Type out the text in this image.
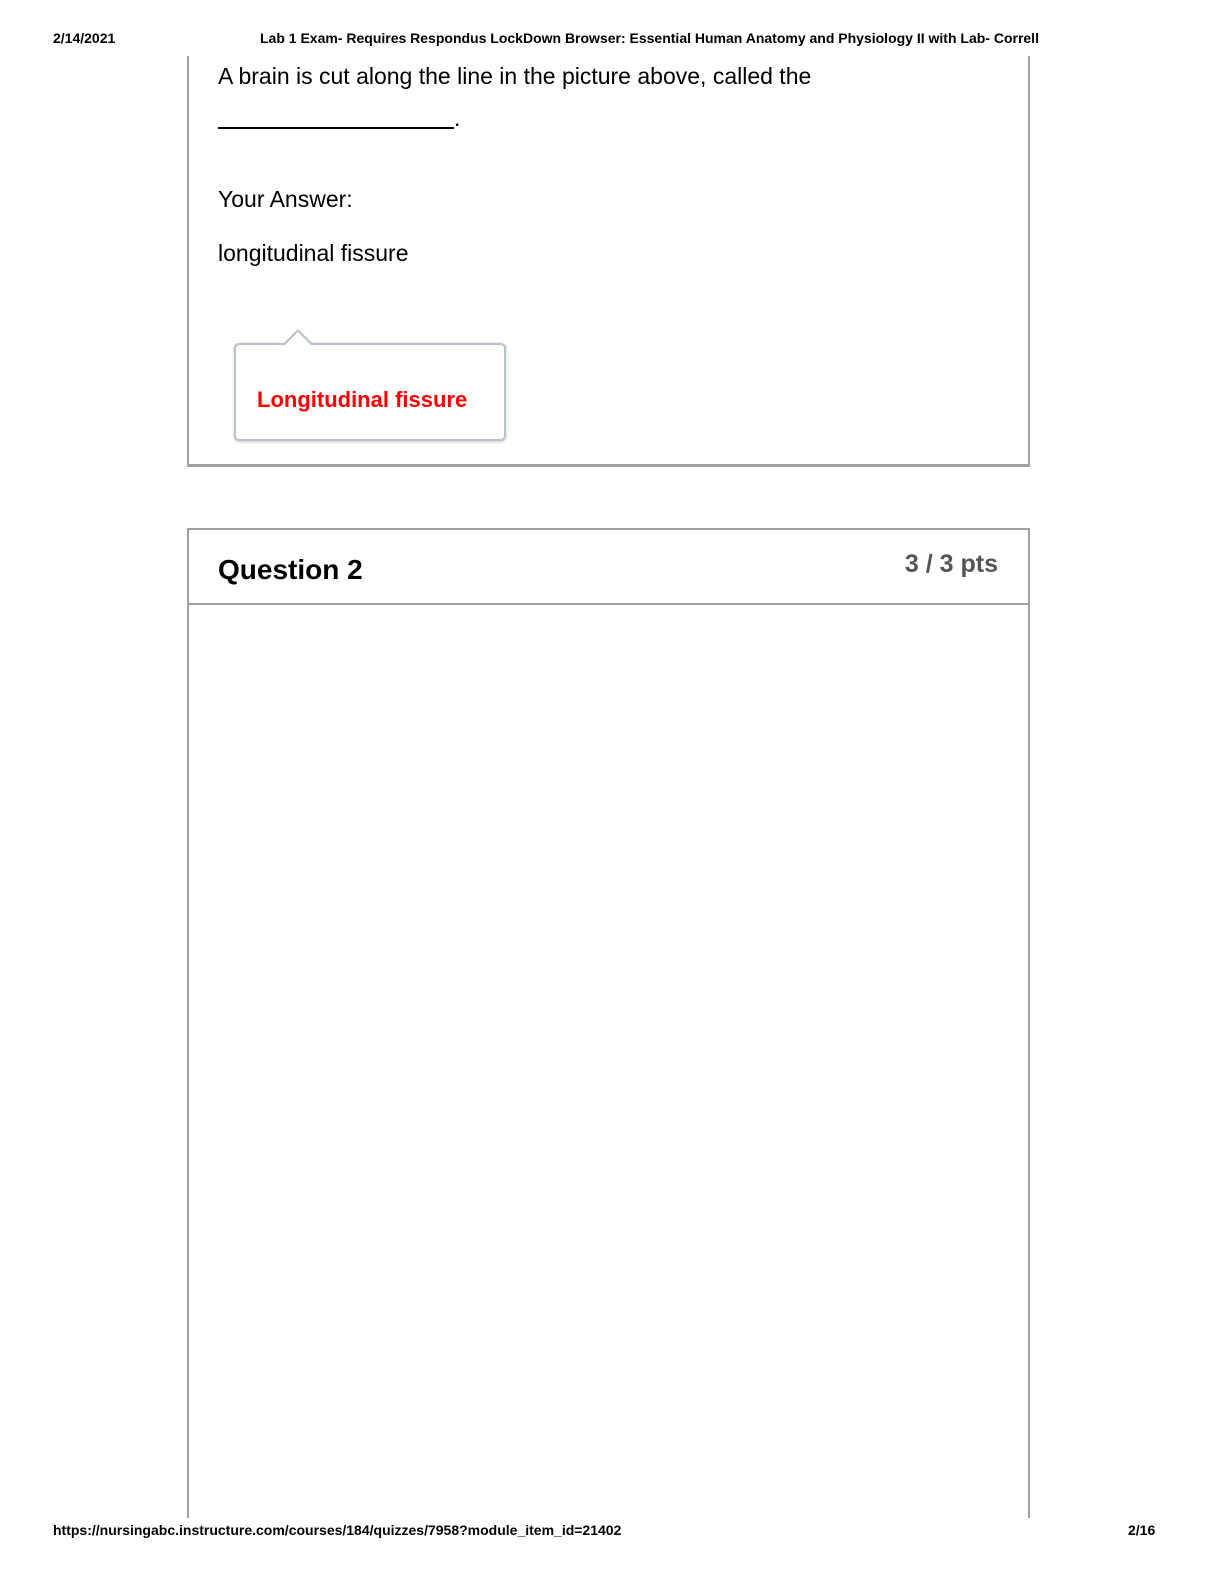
2/14/2021	Lab 1 Exam- Requires Respondus LockDown Browser: Essential Human Anatomy and Physiology II with Lab- Correll
A brain is cut along the line in the picture above, called the
.
Your Answer:
longitudinal fissure
Longitudinal fissure
Question 2	3 / 3 pts
https://nursingabc.instructure.com/courses/184/quizzes/7958?module_item_id=21402	2/16
